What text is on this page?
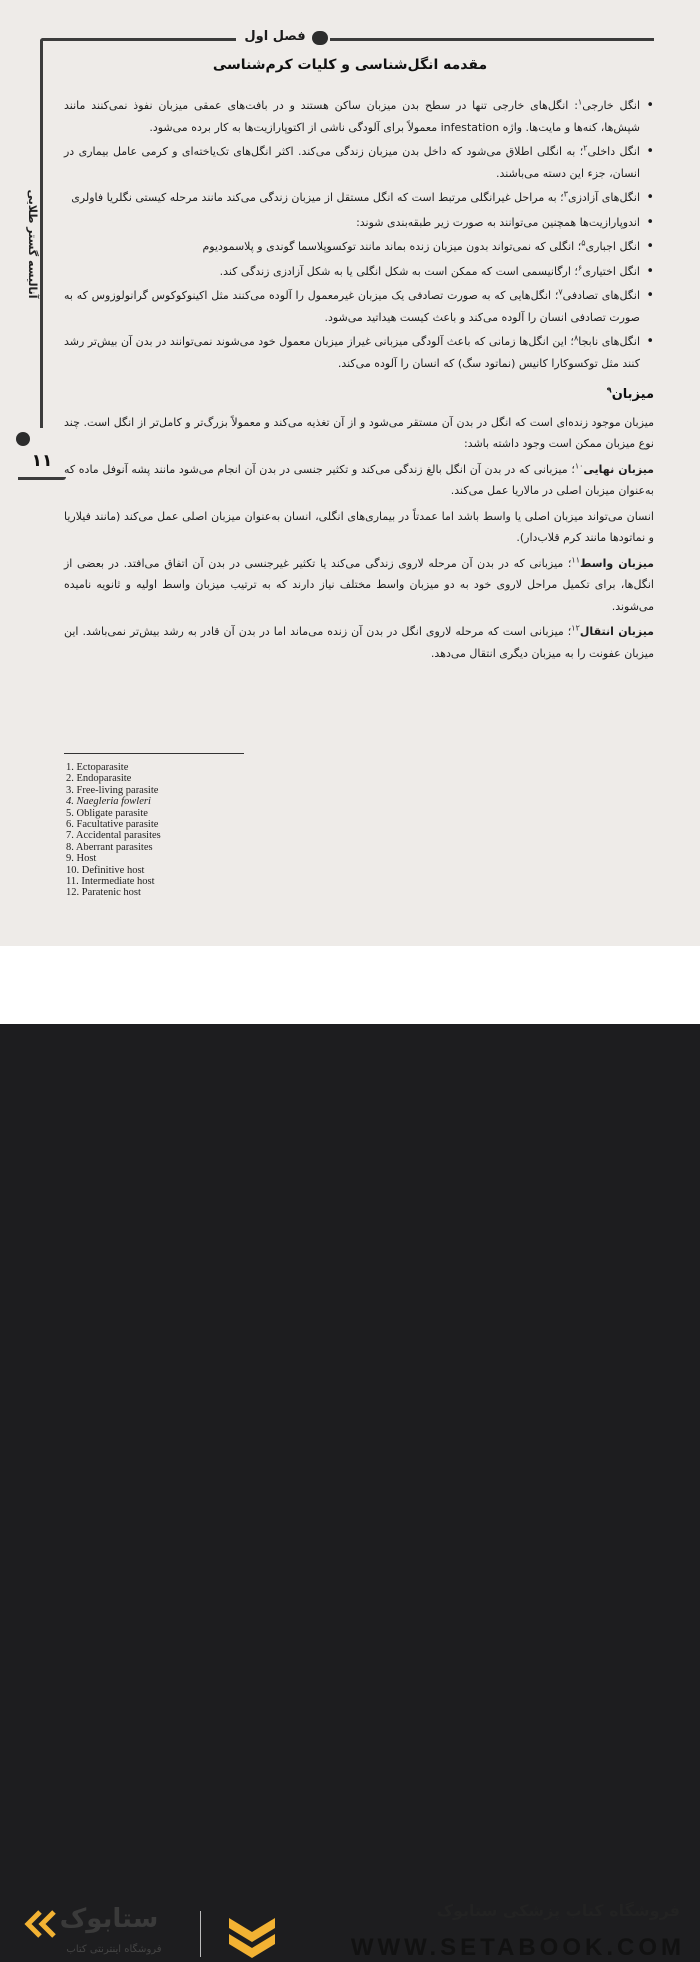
فصل اول
مقدمه انگل‌شناسی و کلیات کرم‌شناسی
آنالیسه گستر طلایی
۱۱
• انگل خارجی$^۱$: انگل‌های خارجی تنها در سطح بدن میزبان ساکن هستند و در بافت‌های عمقی میزبان نفوذ نمی‌کنند مانند شپش‌ها، کنه‌ها و مایت‌ها. واژه infestation معمولاً برای آلودگی ناشی از اکتوپارازیت‌ها به کار برده می‌شود.
• انگل داخلی$^۲$؛ به انگلی اطلاق می‌شود که داخل بدن میزبان زندگی می‌کند. اکثر انگل‌های تک‌یاخته‌ای و کرمی عامل بیماری در انسان، جزء این دسته می‌باشند.
• انگل‌های آزادزی$^۳$؛ به مراحل غیرانگلی مرتبط است که انگل مستقل از میزبان زندگی می‌کند مانند مرحله کیستی نگلریا فاولری
• اندوپارازیت‌ها همچنین می‌توانند به صورت زیر طبقه‌بندی شوند:
• انگل اجباری$^۵$؛ انگلی که نمی‌تواند بدون میزبان زنده بماند مانند توکسوپلاسما گوندی و پلاسمودیوم
• انگل اختیاری$^۶$؛ ارگانیسمی است که ممکن است به شکل انگلی یا به شکل آزادزی زندگی کند.
• انگل‌های تصادفی$^۷$؛ انگل‌هایی که به صورت تصادفی یک میزبان غیرمعمول را آلوده می‌کنند مثل اکینوکوکوس گرانولوزوس که به صورت تصادفی انسان را آلوده می‌کند و باعث کیست هیداتید می‌شود.
• انگل‌های نابجا$^۸$؛ این انگل‌ها زمانی که باعث آلودگی میزبانی غیراز میزبان معمول خود می‌شوند نمی‌توانند در بدن آن بیش‌تر رشد کنند مثل توکسوکارا کانیس (نماتود سگ) که انسان را آلوده می‌کند.
میزبان$^۹$

میزبان موجود زنده‌ای است که انگل در بدن آن مستقر می‌شود و از آن تغذیه می‌کند و معمولاً بزرگ‌تر و کامل‌تر از انگل است. چند نوع میزبان ممکن است وجود داشته باشد:

میزبان نهایی$^{۱۰}$؛ میزبانی که در بدن آن انگل بالغ زندگی می‌کند و تکثیر جنسی در بدن آن انجام می‌شود مانند پشه آنوفل ماده که به‌عنوان میزبان اصلی در مالاریا عمل می‌کند.

انسان می‌تواند میزبان اصلی یا واسط باشد اما عمدتاً در بیماری‌های انگلی، انسان به‌عنوان میزبان اصلی عمل می‌کند (مانند فیلاریا و نماتودها مانند کرم قلاب‌دار).

میزبان واسط$^{۱۱}$؛ میزبانی که در بدن آن مرحله لاروی زندگی می‌کند یا تکثیر غیرجنسی در بدن آن اتفاق می‌افتد. در بعضی از انگل‌ها، برای تکمیل مراحل لاروی خود به دو میزبان واسط مختلف نیاز دارند که به ترتیب میزبان واسط اولیه و ثانویه نامیده می‌شوند.

میزبان انتقال$^{۱۲}$؛ میزبانی است که مرحله لاروی انگل در بدن آن زنده می‌ماند اما در بدن آن قادر به رشد بیش‌تر نمی‌باشد. این میزبان عفونت را به میزبان دیگری انتقال می‌دهد.

1. Ectoparasite
2. Endoparasite
3. Free-living parasite
4. Naegleria fowleri
5. Obligate parasite
6. Facultative parasite
7. Accidental parasites
8. Aberrant parasites
9. Host
10. Definitive host
11. Intermediate host
12. Paratenic host
فروشگاه کتاب پزشکی ستابوک
WWW.SETABOOK.COM
ستابوک
فروشگاه اینترنتی کتاب
